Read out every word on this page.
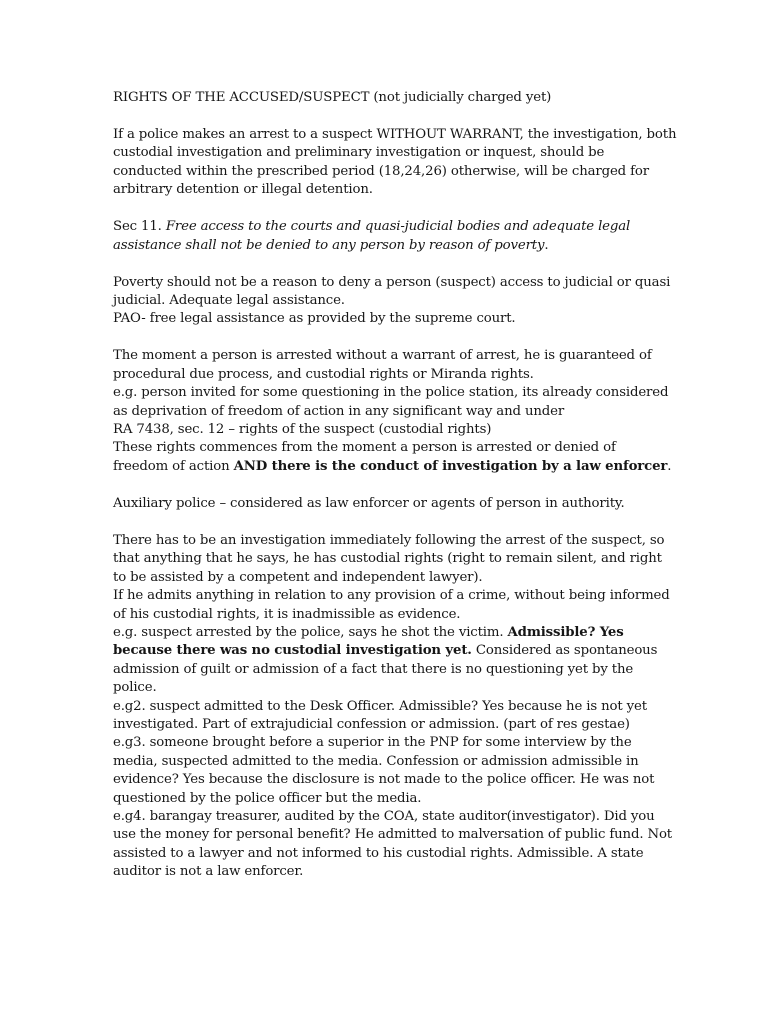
RIGHTS OF THE ACCUSED/SUSPECT (not judicially charged yet)

If a police makes an arrest to a suspect WITHOUT WARRANT, the investigation, both
custodial investigation and preliminary investigation or inquest, should be
conducted within the prescribed period (18,24,26) otherwise, will be charged for
arbitrary detention or illegal detention.

Sec 11. Free access to the courts and quasi-judicial bodies and adequate legal
assistance shall not be denied to any person by reason of poverty.

Poverty should not be a reason to deny a person (suspect) access to judicial or quasi
judicial. Adequate legal assistance.
PAO- free legal assistance as provided by the supreme court.

The moment a person is arrested without a warrant of arrest, he is guaranteed of
procedural due process, and custodial rights or Miranda rights.
e.g. person invited for some questioning in the police station, its already considered
as deprivation of freedom of action in any significant way and under
RA 7438, sec. 12 – rights of the suspect (custodial rights)
These rights commences from the moment a person is arrested or denied of
freedom of action AND there is the conduct of investigation by a law enforcer.

Auxiliary police – considered as law enforcer or agents of person in authority.

There has to be an investigation immediately following the arrest of the suspect, so
that anything that he says, he has custodial rights (right to remain silent, and right
to be assisted by a competent and independent lawyer).
If he admits anything in relation to any provision of a crime, without being informed
of his custodial rights, it is inadmissible as evidence.
e.g. suspect arrested by the police, says he shot the victim. Admissible? Yes
because there was no custodial investigation yet. Considered as spontaneous
admission of guilt or admission of a fact that there is no questioning yet by the
police.
e.g2. suspect admitted to the Desk Officer. Admissible? Yes because he is not yet
investigated. Part of extrajudicial confession or admission. (part of res gestae)
e.g3. someone brought before a superior in the PNP for some interview by the
media, suspected admitted to the media. Confession or admission admissible in
evidence? Yes because the disclosure is not made to the police officer. He was not
questioned by the police officer but the media.
e.g4. barangay treasurer, audited by the COA, state auditor(investigator). Did you
use the money for personal benefit? He admitted to malversation of public fund. Not
assisted to a lawyer and not informed to his custodial rights. Admissible. A state
auditor is not a law enforcer.
